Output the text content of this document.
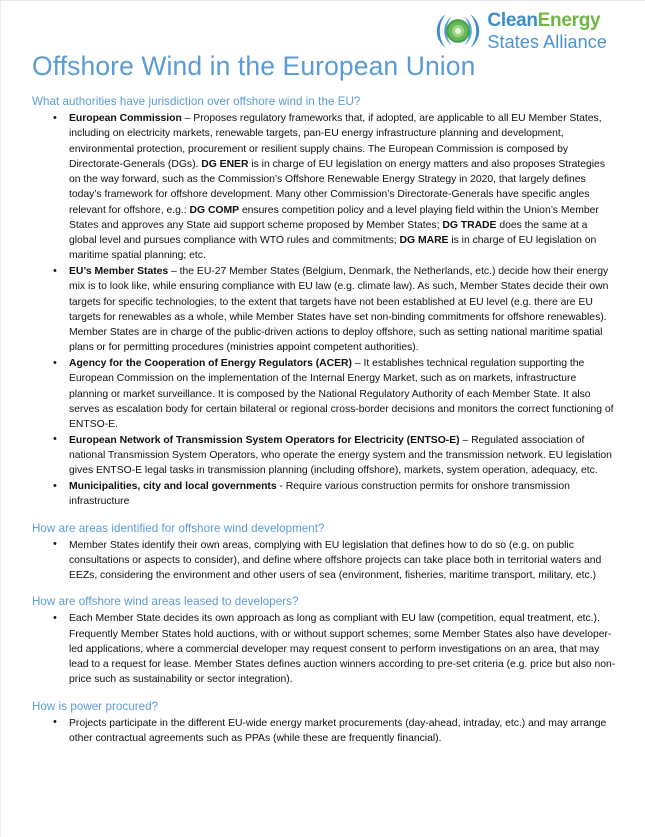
CleanEnergy
States Alliance
Offshore Wind in the European Union
What authorities have jurisdiction over offshore wind in the EU?
• European Commission – Proposes regulatory frameworks that, if adopted, are applicable to all EU Member States, including on electricity markets, renewable targets, pan-EU energy infrastructure planning and development, environmental protection, procurement or resilient supply chains. The European Commission is composed by Directorate-Generals (DGs). DG ENER is in charge of EU legislation on energy matters and also proposes Strategies on the way forward, such as the Commission’s Offshore Renewable Energy Strategy in 2020, that largely defines today’s framework for offshore development. Many other Commission’s Directorate-Generals have specific angles relevant for offshore, e.g.: DG COMP ensures competition policy and a level playing field within the Union’s Member States and approves any State aid support scheme proposed by Member States; DG TRADE does the same at a global level and pursues compliance with WTO rules and commitments; DG MARE is in charge of EU legislation on maritime spatial planning; etc.
• EU’s Member States – the EU-27 Member States (Belgium, Denmark, the Netherlands, etc.) decide how their energy mix is to look like, while ensuring compliance with EU law (e.g. climate law). As such, Member States decide their own targets for specific technologies, to the extent that targets have not been established at EU level (e.g. there are EU targets for renewables as a whole, while Member States have set non-binding commitments for offshore renewables). Member States are in charge of the public-driven actions to deploy offshore, such as setting national maritime spatial plans or for permitting procedures (ministries appoint competent authorities).
• Agency for the Cooperation of Energy Regulators (ACER) – It establishes technical regulation supporting the European Commission on the implementation of the Internal Energy Market, such as on markets, infrastructure planning or market surveillance. It is composed by the National Regulatory Authority of each Member State. It also serves as escalation body for certain bilateral or regional cross-border decisions and monitors the correct functioning of ENTSO-E.
• European Network of Transmission System Operators for Electricity (ENTSO-E) – Regulated association of national Transmission System Operators, who operate the energy system and the transmission network. EU legislation gives ENTSO-E legal tasks in transmission planning (including offshore), markets, system operation, adequacy, etc.
• Municipalities, city and local governments - Require various construction permits for onshore transmission infrastructure
How are areas identified for offshore wind development?
• Member States identify their own areas, complying with EU legislation that defines how to do so (e.g. on public consultations or aspects to consider), and define where offshore projects can take place both in territorial waters and EEZs, considering the environment and other users of sea (environment, fisheries, maritime transport, military, etc.)
How are offshore wind areas leased to developers?
• Each Member State decides its own approach as long as compliant with EU law (competition, equal treatment, etc.). Frequently Member States hold auctions, with or without support schemes; some Member States also have developer-led applications, where a commercial developer may request consent to perform investigations on an area, that may lead to a request for lease. Member States defines auction winners according to pre-set criteria (e.g. price but also non-price such as sustainability or sector integration).
How is power procured?
• Projects participate in the different EU-wide energy market procurements (day-ahead, intraday, etc.) and may arrange other contractual agreements such as PPAs (while these are frequently financial).
